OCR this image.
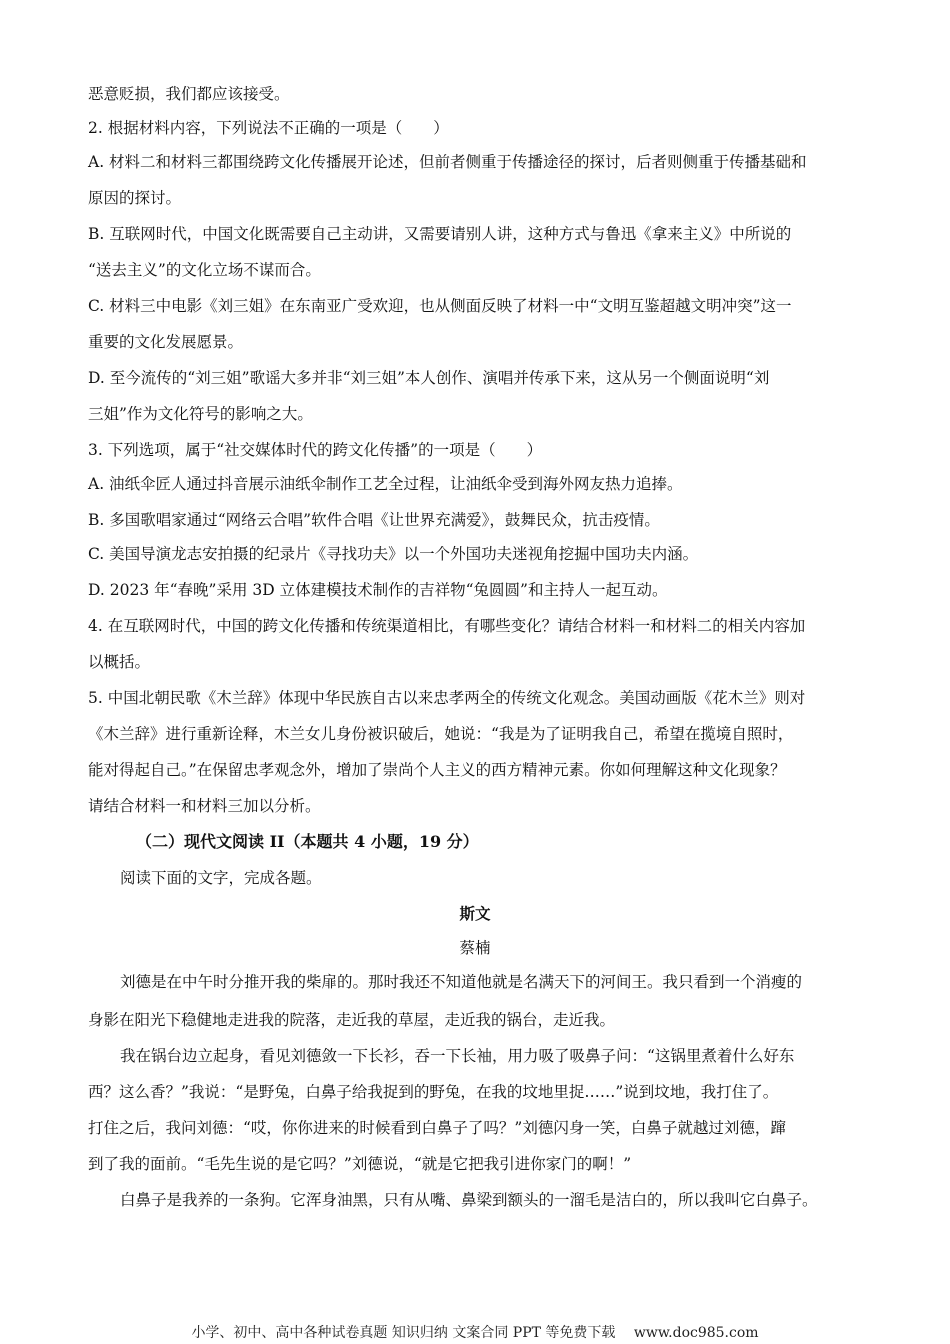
恶意贬损，我们都应该接受。

2. 根据材料内容，下列说法不正确的一项是（　　）

A. 材料二和材料三都围绕跨文化传播展开论述，但前者侧重于传播途径的探讨，后者则侧重于传播基础和

原因的探讨。

B. 互联网时代，中国文化既需要自己主动讲，又需要请别人讲，这种方式与鲁迅《拿来主义》中所说的

“送去主义”的文化立场不谋而合。

C. 材料三中电影《刘三姐》在东南亚广受欢迎，也从侧面反映了材料一中“文明互鉴超越文明冲突”这一

重要的文化发展愿景。

D. 至今流传的“刘三姐”歌谣大多并非“刘三姐”本人创作、演唱并传承下来，这从另一个侧面说明“刘

三姐”作为文化符号的影响之大。

3. 下列选项，属于“社交媒体时代的跨文化传播”的一项是（　　）

A. 油纸伞匠人通过抖音展示油纸伞制作工艺全过程，让油纸伞受到海外网友热力追捧。

B. 多国歌唱家通过“网络云合唱”软件合唱《让世界充满爱》，鼓舞民众，抗击疫情。

C. 美国导演龙志安拍摄的纪录片《寻找功夫》以一个外国功夫迷视角挖掘中国功夫内涵。

D. 2023 年“春晚”采用 3D 立体建模技术制作的吉祥物“兔圆圆”和主持人一起互动。

4. 在互联网时代，中国的跨文化传播和传统渠道相比，有哪些变化？请结合材料一和材料二的相关内容加

以概括。

5. 中国北朝民歌《木兰辞》体现中华民族自古以来忠孝两全的传统文化观念。美国动画版《花木兰》则对

《木兰辞》进行重新诠释，木兰女儿身份被识破后，她说：“我是为了证明我自己，希望在揽境自照时，

能对得起自己。”在保留忠孝观念外，增加了崇尚个人主义的西方精神元素。你如何理解这种文化现象？

请结合材料一和材料三加以分析。

（二）现代文阅读 II（本题共 4 小题，19 分）

阅读下面的文字，完成各题。

斯文

蔡楠

刘德是在中午时分推开我的柴扉的。那时我还不知道他就是名满天下的河间王。我只看到一个消瘦的

身影在阳光下稳健地走进我的院落，走近我的草屋，走近我的锅台，走近我。

我在锅台边立起身，看见刘德敛一下长衫，吞一下长袖，用力吸了吸鼻子问：“这锅里煮着什么好东

西？这么香？”我说：“是野兔，白鼻子给我捉到的野兔，在我的坟地里捉……”说到坟地，我打住了。

打住之后，我问刘德：“哎，你你进来的时候看到白鼻子了吗？”刘德闪身一笑，白鼻子就越过刘德，蹿

到了我的面前。“毛先生说的是它吗？”刘德说，“就是它把我引进你家门的啊！”

白鼻子是我养的一条狗。它浑身油黑，只有从嘴、鼻梁到额头的一溜毛是洁白的，所以我叫它白鼻子。

小学、初中、高中各种试卷真题 知识归纳 文案合同 PPT 等免费下载　 www.doc985.com
